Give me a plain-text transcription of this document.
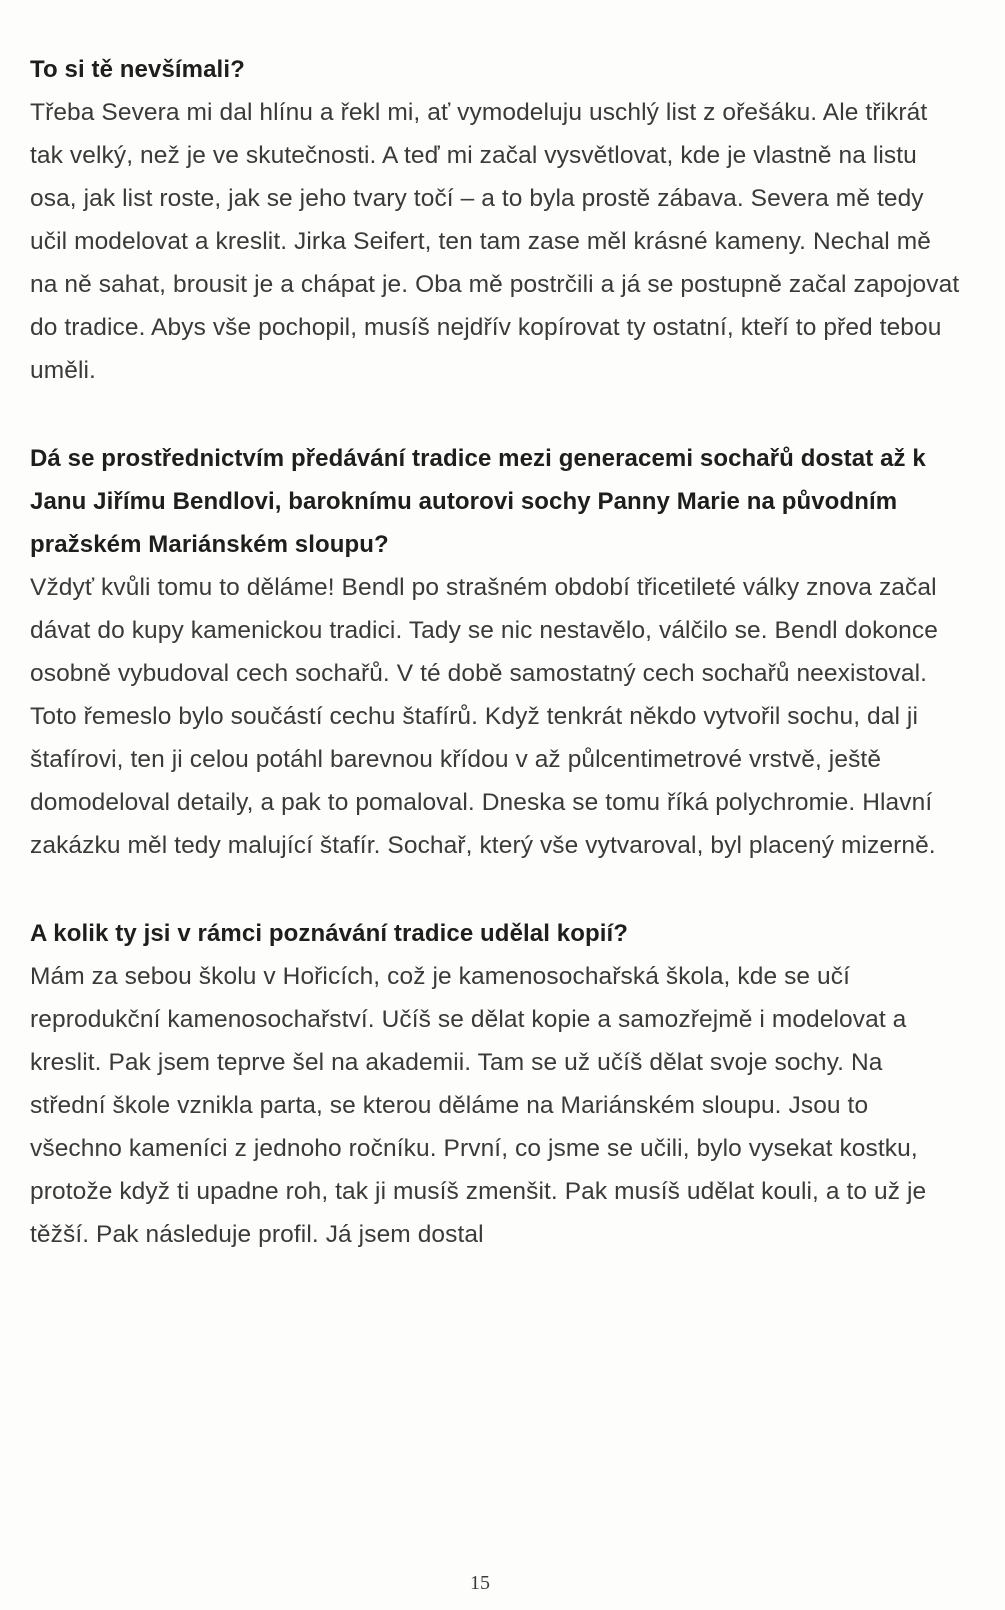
To si tě nevšímali?

Třeba Severa mi dal hlínu a řekl mi, ať vymodeluju uschlý list z ořešáku. Ale třikrát tak velký, než je ve skutečnosti. A teď mi začal vysvětlovat, kde je vlastně na listu osa, jak list roste, jak se jeho tvary točí – a to byla prostě zábava. Severa mě tedy učil modelovat a kreslit. Jirka Seifert, ten tam zase měl krásné kameny. Nechal mě na ně sahat, brousit je a chápat je. Oba mě postrčili a já se postupně začal zapojovat do tradice. Abys vše pochopil, musíš nejdřív kopírovat ty ostatní, kteří to před tebou uměli.

Dá se prostřednictvím předávání tradice mezi generacemi sochařů dostat až k Janu Jiřímu Bendlovi, baroknímu autorovi sochy Panny Marie na původním pražském Mariánském sloupu?

Vždyť kvůli tomu to děláme! Bendl po strašném období třicetileté války znova začal dávat do kupy kamenickou tradici. Tady se nic nestavělo, válčilo se. Bendl dokonce osobně vybudoval cech sochařů. V té době samostatný cech sochařů neexistoval. Toto řemeslo bylo součástí cechu štafírů. Když tenkrát někdo vytvořil sochu, dal ji štafírovi, ten ji celou potáhl barevnou křídou v až půlcentimetrové vrstvě, ještě domodeloval detaily, a pak to pomaloval. Dneska se tomu říká polychromie. Hlavní zakázku měl tedy malující štafír. Sochař, který vše vytvaroval, byl placený mizerně.

A kolik ty jsi v rámci poznávání tradice udělal kopií?

Mám za sebou školu v Hořicích, což je kamenosochařská škola, kde se učí reprodukční kamenosochařství. Učíš se dělat kopie a samozřejmě i modelovat a kreslit. Pak jsem teprve šel na akademii. Tam se už učíš dělat svoje sochy. Na střední škole vznikla parta, se kterou děláme na Mariánském sloupu. Jsou to všechno kameníci z jednoho ročníku. První, co jsme se učili, bylo vysekat kostku, protože když ti upadne roh, tak ji musíš zmenšit. Pak musíš udělat kouli, a to už je těžší. Pak následuje profil. Já jsem dostal

15
